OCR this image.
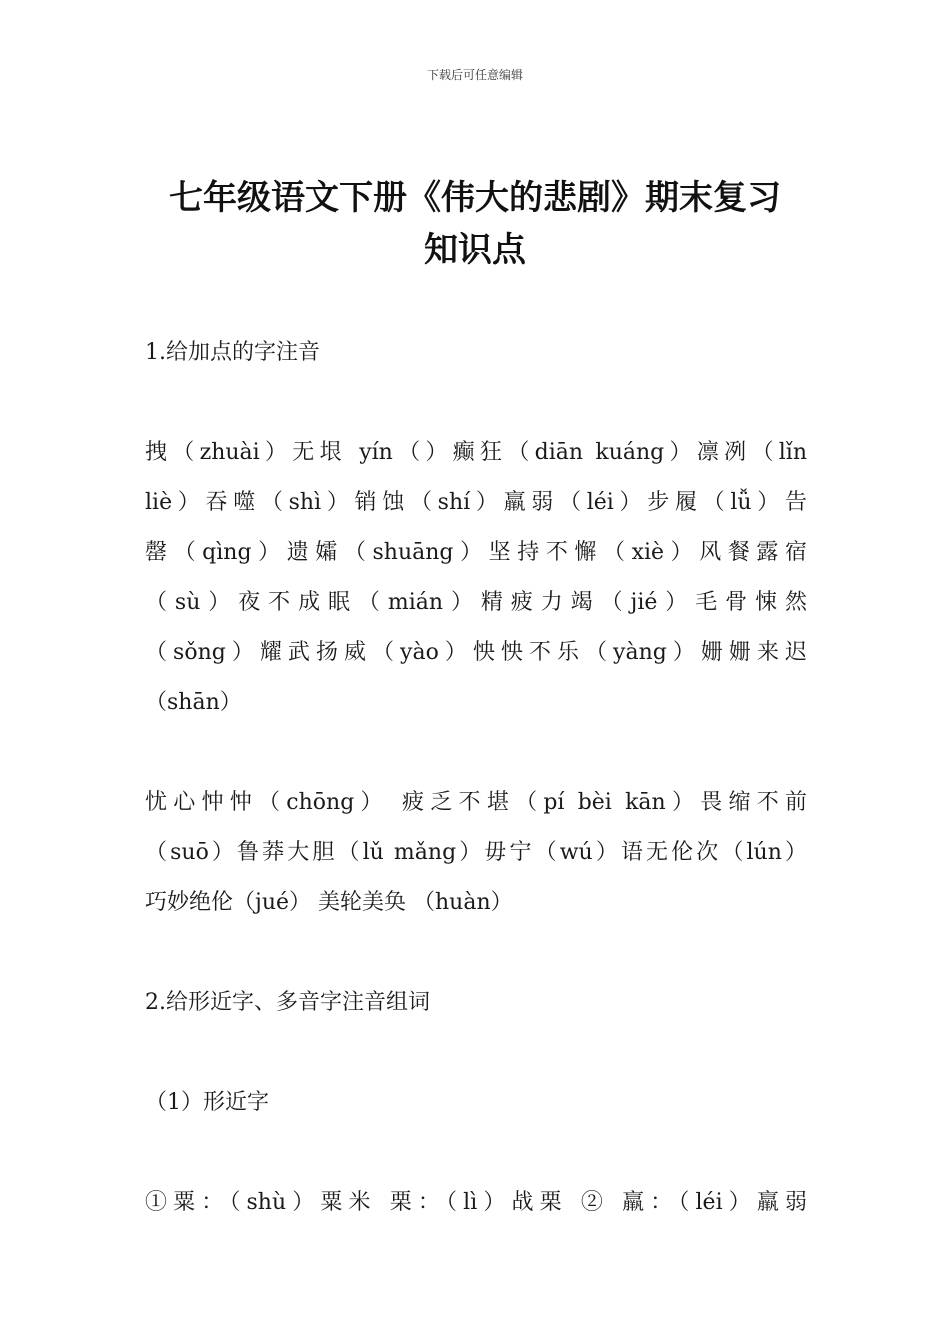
下载后可任意编辑
七年级语文下册《伟大的悲剧》期末复习
知识点
1.给加点的字注音
拽（zhuài）无垠 yín（）癫狂（diān kuáng）凛冽（lǐn
liè）吞噬（shì）销蚀（shí）羸弱（léi）步履（lǚ）告
罄（qìng）遗孀（shuāng）坚持不懈（xiè）风餐露宿
（sù）夜不成眠（mián）精疲力竭（jié）毛骨悚然
（sǒng）耀武扬威（yào）怏怏不乐（yàng）姗姗来迟
（shān）
忧心忡忡（chōng） 疲乏不堪（pí bèi kān）畏缩不前
（suō）鲁莽大胆（lǔ mǎng）毋宁（wú）语无伦次（lún）
巧妙绝伦（jué） 美轮美奂 （huàn）
2.给形近字、多音字注音组词
（1）形近字
①粟：（shù）粟米 栗：（lì）战栗 ② 羸：（léi）羸弱
